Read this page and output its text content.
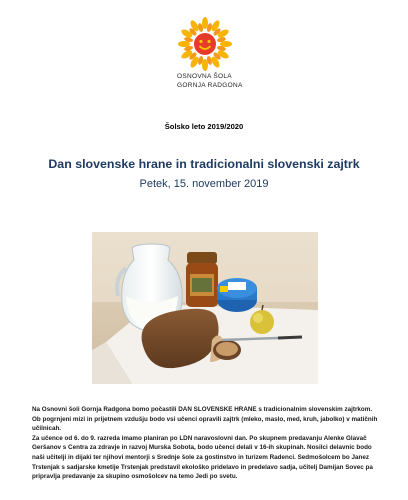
OSNOVNA ŠOLA
GORNJA RADGONA
Šolsko leto 2019/2020
Dan slovenske hrane in tradicionalni slovenski zajtrk
Petek, 15. november 2019

Na Osnovni šoli Gornja Radgona bomo počastili DAN SLOVENSKE HRANE s tradicionalnim slovenskim zajtrkom. Ob pogrnjeni mizi in prijetnem vzdušju bodo vsi učenci opravili zajtrk (mleko, maslo, med, kruh, jabolko) v matičnih učilnicah.

Za učence od 6. do 9. razreda imamo planiran po LDN naravoslovni dan. Po skupnem predavanju Alenke Glavač Geršanov s Centra za zdravje in razvoj Murska Sobota, bodo učenci delali v 16-ih skupinah. Nosilci delavnic bodo naši učitelji in dijaki ter njihovi mentorji s Srednje šole za gostinstvo in turizem Radenci. Sedmošolcem bo Janez Trstenjak s sadjarske kmetije Trstenjak predstavil ekološko pridelavo in predelavo sadja, učitelj Damijan Sovec pa pripravlja predavanje za skupino osmošolcev na temo Jedi po svetu.
